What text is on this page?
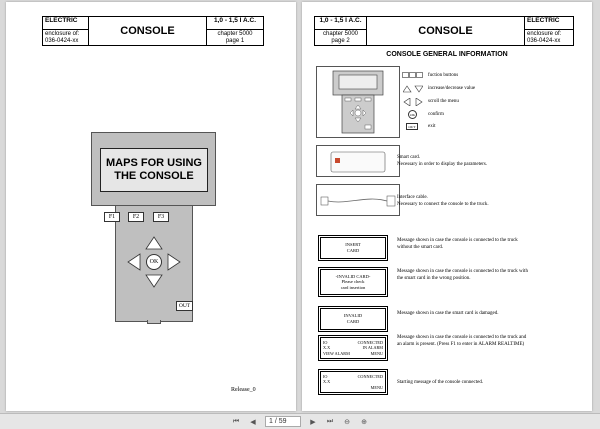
ELECTRIC
enclosure of:
036-0424-xx
CONSOLE
1,0 - 1,5 I A.C.
chapter 5000
page 1
MAPS FOR USING
THE CONSOLE
F1	F2	F3
OK
OUT
Release_0
1,0 - 1,5 I A.C.
chapter 5000
page 2
CONSOLE
ELECTRIC
enclosure of:
036-0424-xx
CONSOLE GENERAL INFORMATION
fuction buttons
increase/decrease value
scroll the menu
OK	confirm
OUT	exit
Smart card.
Necessary in order to display the parameters.
Interface cable.
Necessary to connect the console to the truck.
INSERT
CARD
Message shown in case the console is connected to the truck without the smart card.
-INVALID CARD-
Please check
card insertion
Message shown in case the console is connected to the truck with the smart card in the wrong position.
INVALID
CARD
Message shown in case the smart card is damaged.
IO	CONNECTED
X.X	IN ALARM
VIEW ALARM	MENU
Message shown in case the console is connected to the truck and an alarm is present. (Press F1 to enter in ALARM REALTIME)
IO	CONNECTED
X.X
MENU
Starting message of the console connected.
⏮	◀	1 / 59	▶	⏭ ⊖ ⊕
